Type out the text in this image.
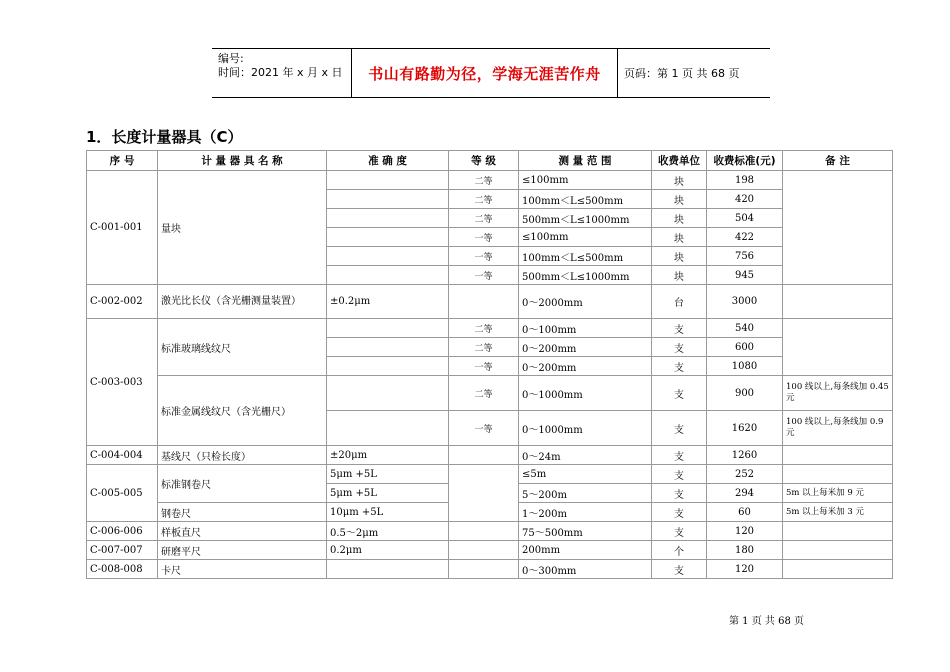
编号:
时间：2021 年 x 月 x 日	书山有路勤为径，学海无涯苦作舟	页码：第 1 页 共 68 页
1．长度计量器具（C）
序 号	计 量 器 具 名 称	准 确 度	等 级	测 量 范 围	收费单位	收费标准(元)	备 注
C-001-001	量块		二等	≤100mm	块	198	
			二等	100mm＜L≤500mm	块	420	
			二等	500mm＜L≤1000mm	块	504	
			一等	≤100mm	块	422	
			一等	100mm＜L≤500mm	块	756	
			一等	500mm＜L≤1000mm	块	945	
C-002-002	激光比长仪（含光栅测量装置）	±0.2μm		0～2000mm	台	3000	
C-003-003	标准玻璃线纹尺		二等	0～100mm	支	540	
			二等	0～200mm	支	600	
			一等	0～200mm	支	1080	
	标准金属线纹尺（含光栅尺）		二等	0～1000mm	支	900	100 线以上,每条线加 0.45 元
			一等	0～1000mm	支	1620	100 线以上,每条线加 0.9 元
C-004-004	基线尺（只检长度）	±20μm		0～24m	支	1260	
C-005-005	标准钢卷尺	5μm +5L		≤5m	支	252	
		5μm +5L		5～200m	支	294	5m 以上每米加 9 元
	钢卷尺	10μm +5L		1～200m	支	60	5m 以上每米加 3 元
C-006-006	样板直尺	0.5～2μm		75～500mm	支	120	
C-007-007	研磨平尺	0.2μm		200mm	个	180	
C-008-008	卡尺			0～300mm	支	120	
第 1 页 共 68 页
